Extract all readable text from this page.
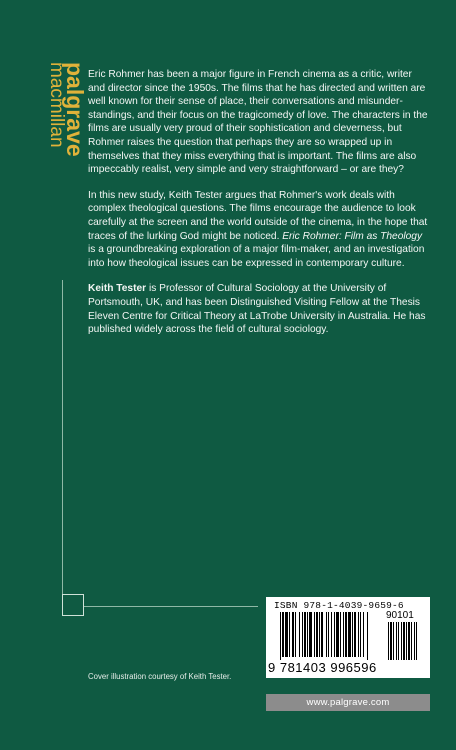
palgrave
macmillan Eric Rohmer has been a major figure in French cinema as a critic, writer and director since the 1950s. The films that he has directed and written are well known for their sense of place, their conversations and misunder-standings, and their focus on the tragicomedy of love. The characters in the films are usually very proud of their sophistication and cleverness, but Rohmer raises the question that perhaps they are so wrapped up in themselves that they miss everything that is important. The films are also impeccably realist, very simple and very straightforward – or are they?

In this new study, Keith Tester argues that Rohmer's work deals with complex theological questions. The films encourage the audience to look carefully at the screen and the world outside of the cinema, in the hope that traces of the lurking God might be noticed. Eric Rohmer: Film as Theology is a groundbreaking exploration of a major film-maker, and an investigation into how theological issues can be expressed in contemporary culture.

Keith Tester is Professor of Cultural Sociology at the University of Portsmouth, UK, and has been Distinguished Visiting Fellow at the Thesis Eleven Centre for Critical Theory at LaTrobe University in Australia. He has published widely across the field of cultural sociology.

ISBN 978-1-4039-9659-6
90101
9 781403 996596
Cover illustration courtesy of Keith Tester.
www.palgrave.com
